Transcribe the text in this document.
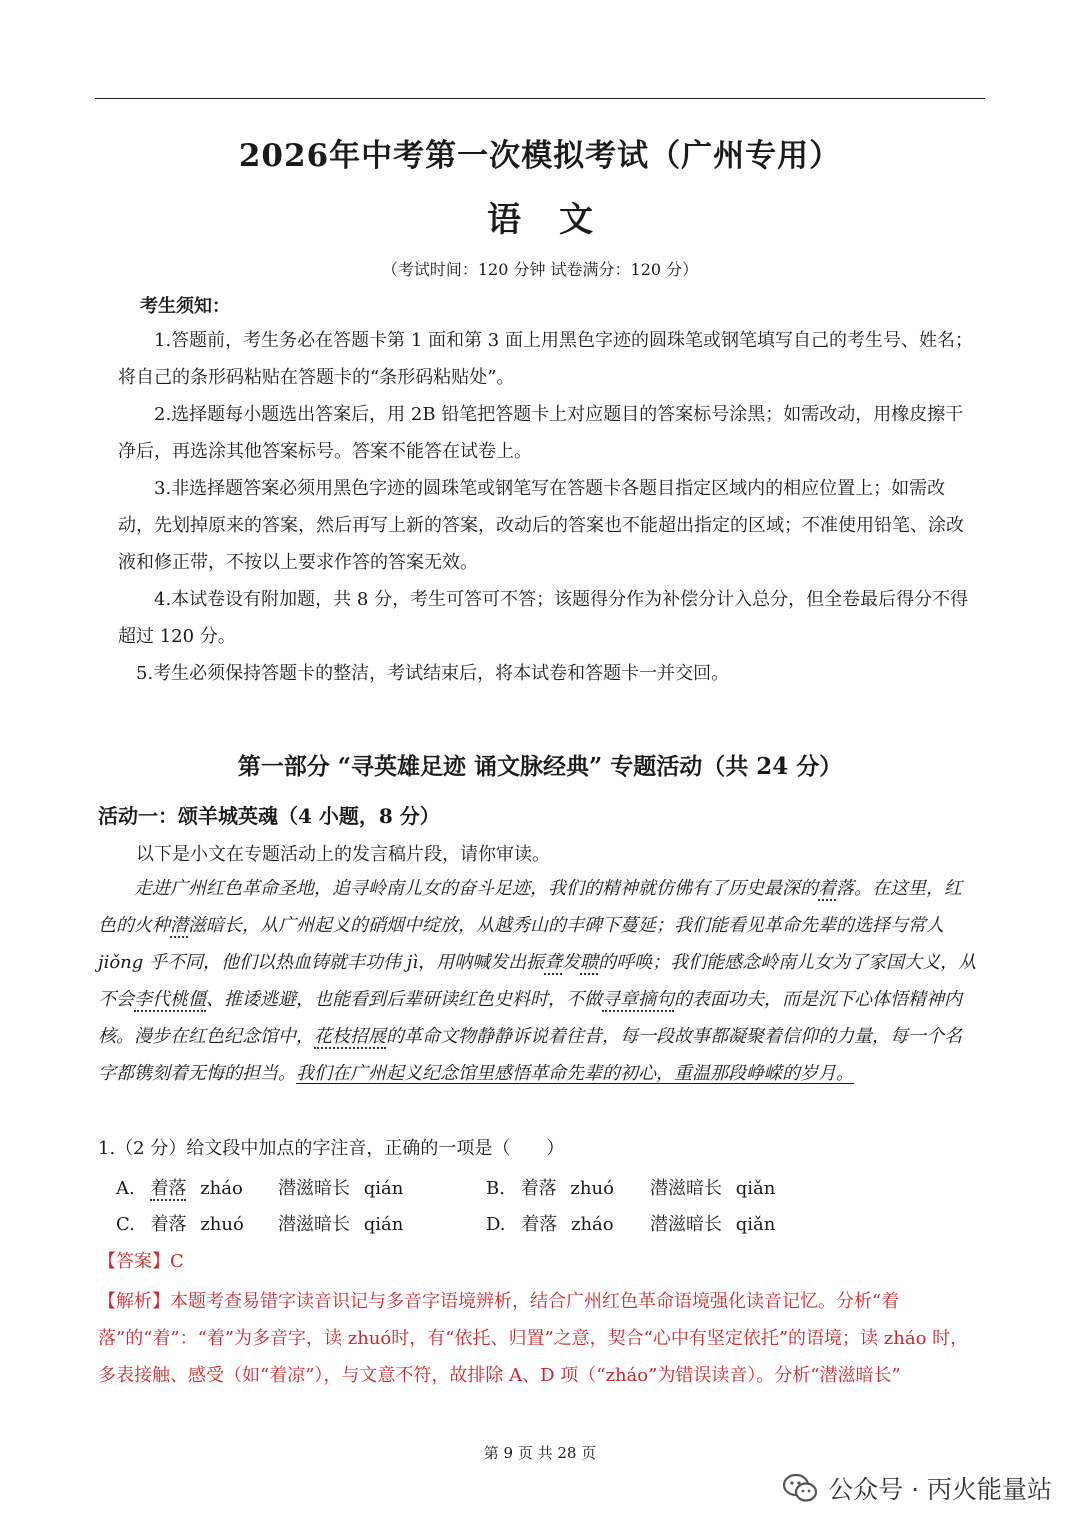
2026年中考第一次模拟考试（广州专用）
语文
（考试时间：120 分钟 试卷满分：120 分）
考生须知：
1.答题前，考生务必在答题卡第 1 面和第 3 面上用黑色字迹的圆珠笔或钢笔填写自己的考生号、姓名；将自己的条形码粘贴在答题卡的“条形码粘贴处”。
2.选择题每小题选出答案后，用 2B 铅笔把答题卡上对应题目的答案标号涂黑；如需改动，用橡皮擦干净后，再选涂其他答案标号。答案不能答在试卷上。
3.非选择题答案必须用黑色字迹的圆珠笔或钢笔写在答题卡各题目指定区域内的相应位置上；如需改动，先划掉原来的答案，然后再写上新的答案，改动后的答案也不能超出指定的区域；不准使用铅笔、涂改液和修正带，不按以上要求作答的答案无效。
4.本试卷设有附加题，共 8 分，考生可答可不答；该题得分作为补偿分计入总分，但全卷最后得分不得超过 120 分。
5.考生必须保持答题卡的整洁，考试结束后，将本试卷和答题卡一并交回。
第一部分 “寻英雄足迹 诵文脉经典” 专题活动（共 24 分）
活动一：颂羊城英魂（4 小题，8 分）
以下是小文在专题活动上的发言稿片段，请你审读。
走进广州红色革命圣地，追寻岭南儿女的奋斗足迹，我们的精神就仿佛有了历史最深的着落。在这里，红色的火种潜滋暗长，从广州起义的硝烟中绽放，从越秀山的丰碑下蔓延；我们能看见革命先辈的选择与常人 jiǒng 乎不同，他们以热血铸就丰功伟 jì，用呐喊发出振聋发聩的呼唤；我们能感念岭南儿女为了家国大义，从不会李代桃僵、推诿逃避，也能看到后辈研读红色史料时，不做寻章摘句的表面功夫，而是沉下心体悟精神内核。漫步在红色纪念馆中，花枝招展的革命文物静静诉说着往昔，每一段故事都凝聚着信仰的力量，每一个名字都镌刻着无悔的担当。我们在广州起义纪念馆里感悟革命先辈的初心，重温那段峥嵘的岁月。
1.（2 分）给文段中加点的字注音，正确的一项是（　　）
A. 着落 zháo 潜滋暗长 qián	B. 着落 zhuó 潜滋暗长 qiǎn
C. 着落 zhuó 潜滋暗长 qián	D. 着落 zháo 潜滋暗长 qiǎn
【答案】C
【解析】本题考查易错字读音识记与多音字语境辨析，结合广州红色革命语境强化读音记忆。分析“着落”的“着”：“着”为多音字，读 zhuó时，有“依托、归置”之意，契合“心中有坚定依托”的语境；读 zháo 时，多表接触、感受（如“着凉”），与文意不符，故排除 A、D 项（“zháo”为错误读音）。分析“潜滋暗长”
第 9 页 共 28 页
公众号 · 丙火能量站
